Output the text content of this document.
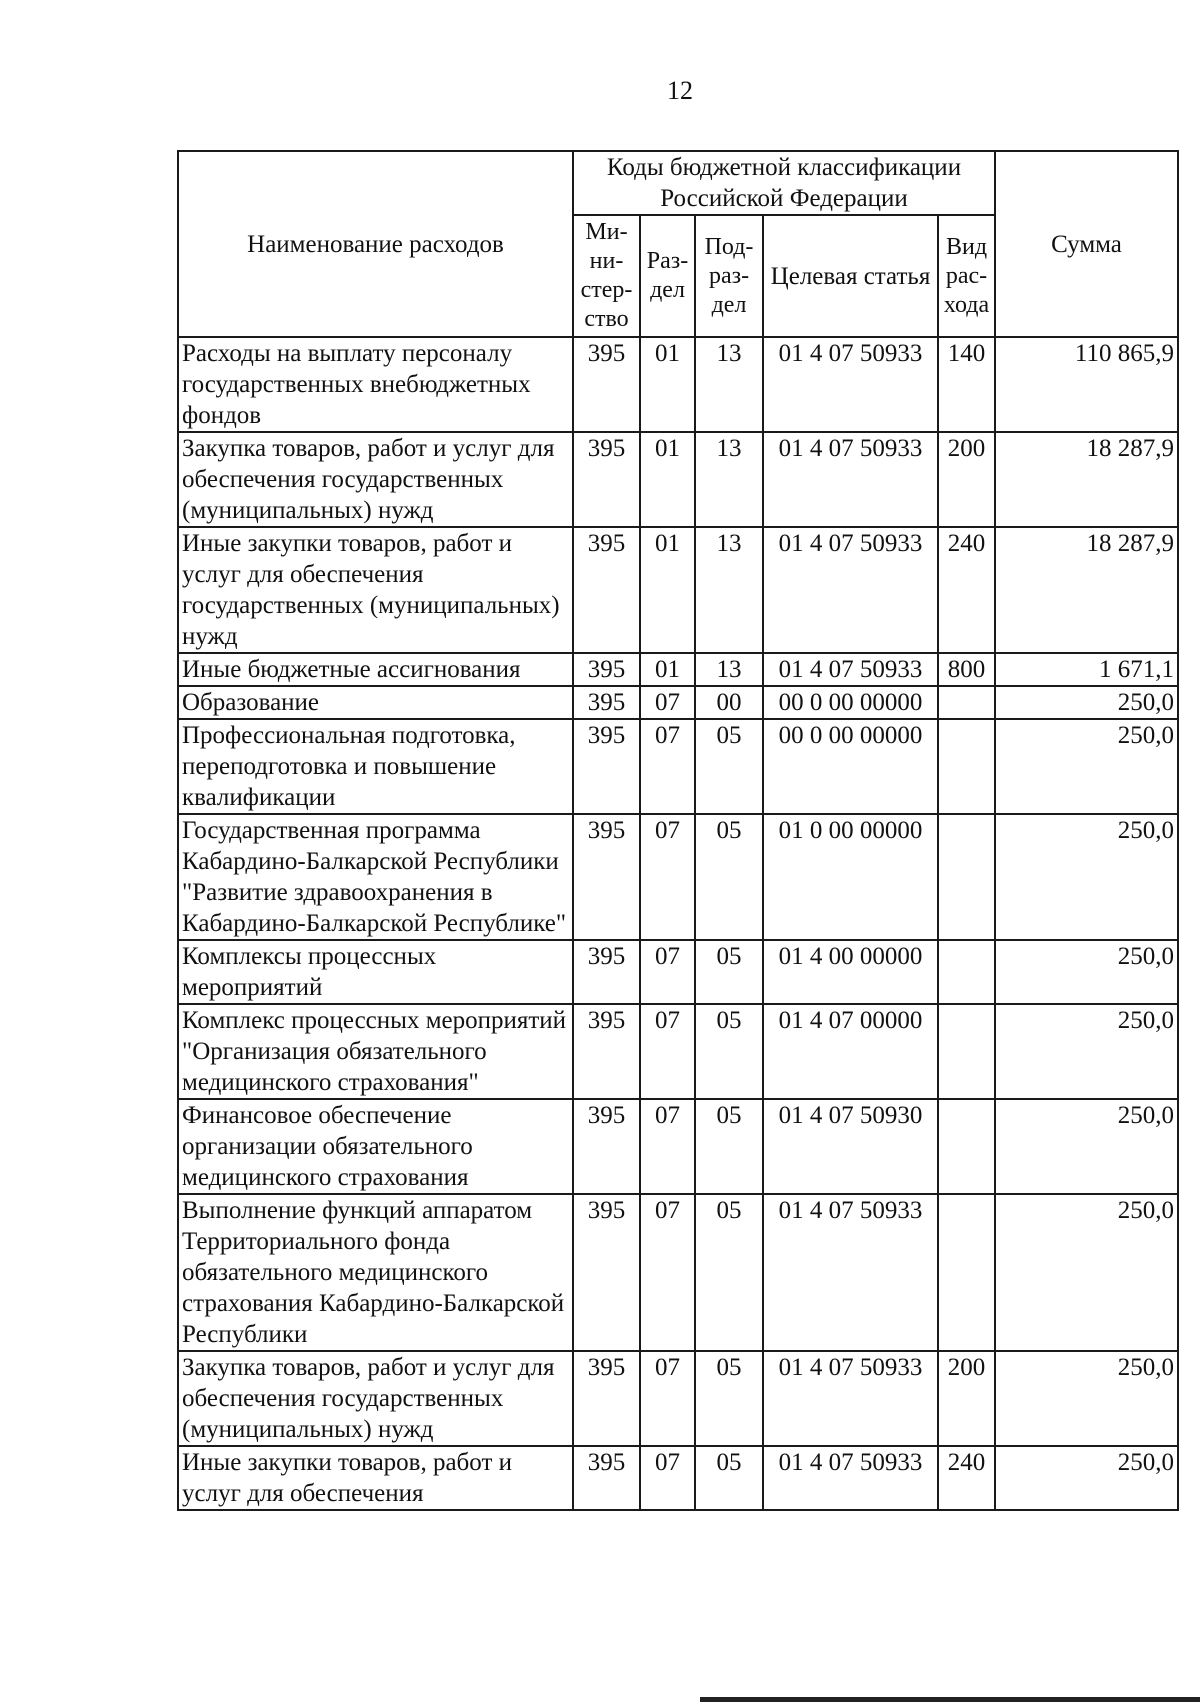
12
Наименование расходов	Коды бюджетной классификации Российской Федерации					Сумма
	Ми-ни-стер-ство	Раз-дел	Под-раз-дел	Целевая статья	Вид рас-хода	
Расходы на выплату персоналу государственных внебюджетных фондов	395	01	13	01 4 07 50933	140	110 865,9
Закупка товаров, работ и услуг для обеспечения государственных (муниципальных) нужд	395	01	13	01 4 07 50933	200	18 287,9
Иные закупки товаров, работ и услуг для обеспечения государственных (муниципальных) нужд	395	01	13	01 4 07 50933	240	18 287,9
Иные бюджетные ассигнования	395	01	13	01 4 07 50933	800	1 671,1
Образование	395	07	00	00 0 00 00000		250,0
Профессиональная подготовка, переподготовка и повышение квалификации	395	07	05	00 0 00 00000		250,0
Государственная программа Кабардино-Балкарской Республики "Развитие здравоохранения в Кабардино-Балкарской Республике"	395	07	05	01 0 00 00000		250,0
Комплексы процессных мероприятий	395	07	05	01 4 00 00000		250,0
Комплекс процессных мероприятий "Организация обязательного медицинского страхования"	395	07	05	01 4 07 00000		250,0
Финансовое обеспечение организации обязательного медицинского страхования	395	07	05	01 4 07 50930		250,0
Выполнение функций аппаратом Территориального фонда обязательного медицинского страхования Кабардино-Балкарской Республики	395	07	05	01 4 07 50933		250,0
Закупка товаров, работ и услуг для обеспечения государственных (муниципальных) нужд	395	07	05	01 4 07 50933	200	250,0
Иные закупки товаров, работ и услуг для обеспечения	395	07	05	01 4 07 50933	240	250,0
